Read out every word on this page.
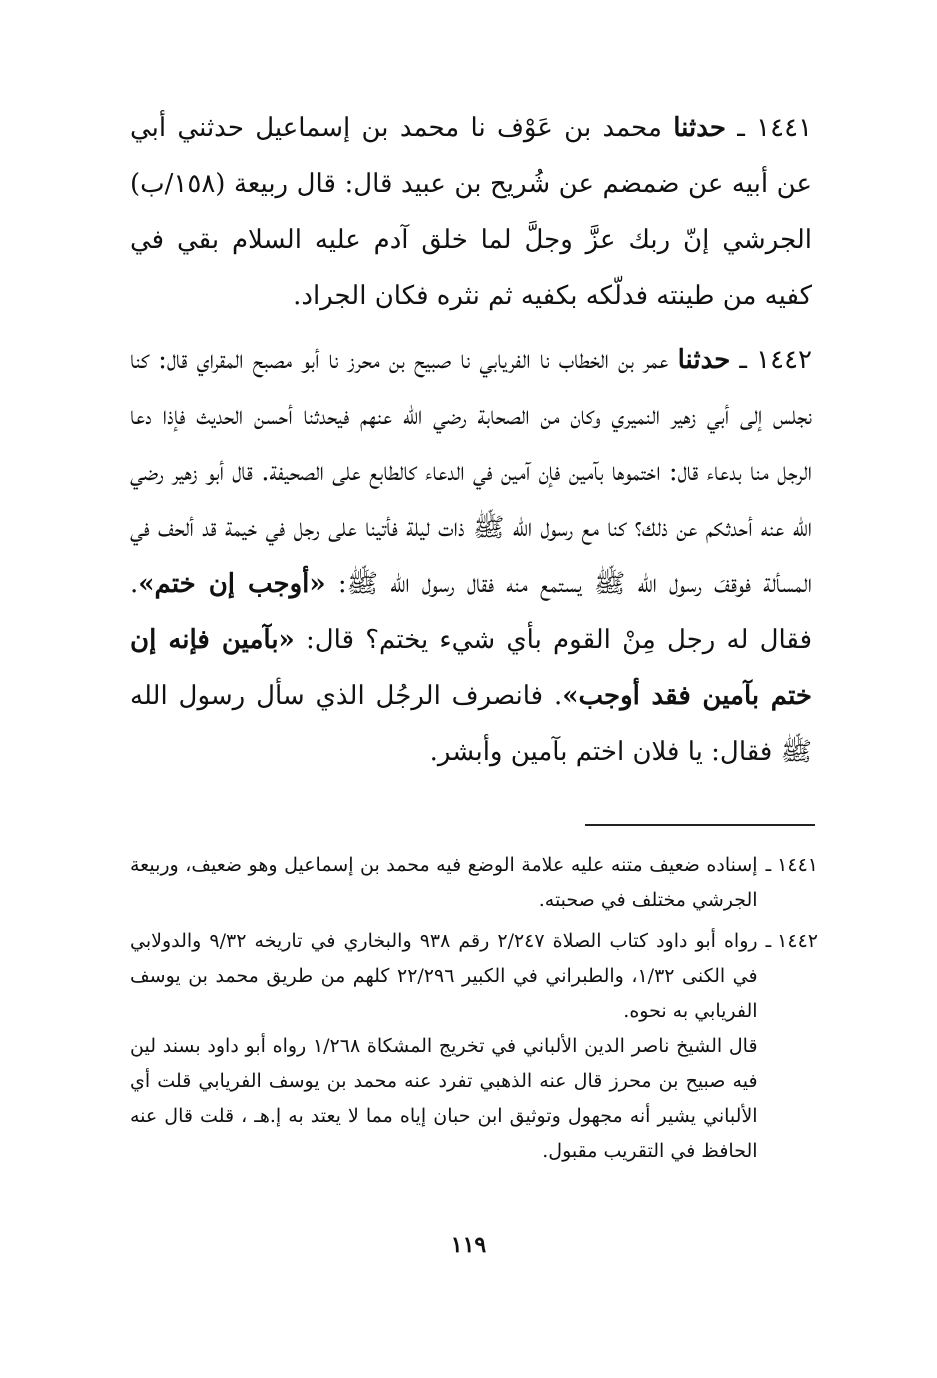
١٤٤١ ـ حدثنا محمد بن عَوْف نا محمد بن إسماعيل حدثني أبي عن أبيه عن ضمضم عن شُريح بن عبيد قال: قال ربيعة (١٥٨/ب) الجرشي إنّ ربك عزَّ وجلَّ لما خلق آدم عليه السلام بقي في كفيه من طينته فدلّكه بكفيه ثم نثره فكان الجراد.

١٤٤٢ ـ حدثنا عمر بن الخطاب نا الفريابي نا صبيح بن محرز نا أبو مصبح المقراي قال: كنا نجلس إلى أبي زهير النميري وكان من الصحابة رضي الله عنهم فيحدثنا أحسن الحديث فإذا دعا الرجل منا بدعاء قال: اختموها بآمين فإن آمين في الدعاء كالطابع على الصحيفة. قال أبو زهير رضي الله عنه أحدثكم عن ذلك؟ كنا مع رسول الله ﷺ ذات ليلة فأتينا على رجل في خيمة قد ألحف في المسألة فوقفَ رسول الله ﷺ يستمع منه فقال رسول الله ﷺ: «أوجب إن ختم». فقال له رجل مِنْ القوم بأي شيء يختم؟ قال: «بآمين فإنه إن ختم بآمين فقد أوجب». فانصرف الرجُل الذي سأل رسول الله ﷺ فقال: يا فلان اختم بآمين وأبشر.

١٤٤١ ـ

إسناده ضعيف متنه عليه علامة الوضع فيه محمد بن إسماعيل وهو ضعيف، وربيعة الجرشي مختلف في صحبته.

١٤٤٢ ـ

رواه أبو داود كتاب الصلاة ٢/٢٤٧ رقم ٩٣٨ والبخاري في تاريخه ٩/٣٢ والدولابي في الكنى ١/٣٢، والطبراني في الكبير ٢٢/٢٩٦ كلهم من طريق محمد بن يوسف الفريابي به نحوه.

قال الشيخ ناصر الدين الألباني في تخريج المشكاة ١/٢٦٨ رواه أبو داود بسند لين فيه صبيح بن محرز قال عنه الذهبي تفرد عنه محمد بن يوسف الفريابي قلت أي الألباني يشير أنه مجهول وتوثيق ابن حبان إياه مما لا يعتد به إ.هـ ، قلت قال عنه الحافظ في التقريب مقبول.

١١٩
